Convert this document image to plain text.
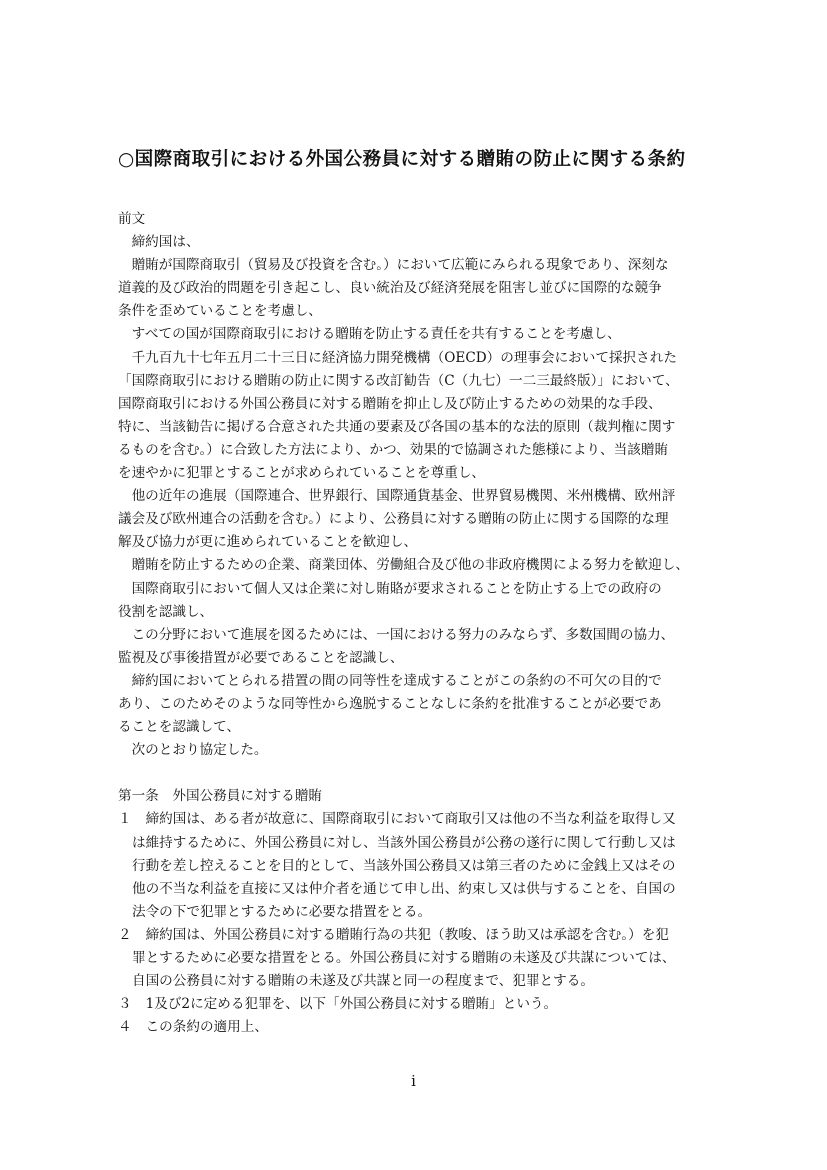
○国際商取引における外国公務員に対する贈賄の防止に関する条約
前文
締約国は、
贈賄が国際商取引（貿易及び投資を含む。）において広範にみられる現象であり、深刻な
道義的及び政治的問題を引き起こし、良い統治及び経済発展を阻害し並びに国際的な競争
条件を歪めていることを考慮し、
すべての国が国際商取引における贈賄を防止する責任を共有することを考慮し、
千九百九十七年五月二十三日に経済協力開発機構（OECD）の理事会において採択された
「国際商取引における贈賄の防止に関する改訂勧告（C（九七）一二三最終版）」において、
国際商取引における外国公務員に対する贈賄を抑止し及び防止するための効果的な手段、
特に、当該勧告に掲げる合意された共通の要素及び各国の基本的な法的原則（裁判権に関す
るものを含む。）に合致した方法により、かつ、効果的で協調された態様により、当該贈賄
を速やかに犯罪とすることが求められていることを尊重し、
他の近年の進展（国際連合、世界銀行、国際通貨基金、世界貿易機関、米州機構、欧州評
議会及び欧州連合の活動を含む。）により、公務員に対する贈賄の防止に関する国際的な理
解及び協力が更に進められていることを歓迎し、
贈賄を防止するための企業、商業団体、労働組合及び他の非政府機関による努力を歓迎し、
国際商取引において個人又は企業に対し賄賂が要求されることを防止する上での政府の
役割を認識し、
この分野において進展を図るためには、一国における努力のみならず、多数国間の協力、
監視及び事後措置が必要であることを認識し、
締約国においてとられる措置の間の同等性を達成することがこの条約の不可欠の目的で
あり、このためそのような同等性から逸脱することなしに条約を批准することが必要であ
ることを認識して、
次のとおり協定した。
第一条　外国公務員に対する贈賄
１	締約国は、ある者が故意に、国際商取引において商取引又は他の不当な利益を取得し又
は維持するために、外国公務員に対し、当該外国公務員が公務の遂行に関して行動し又は
行動を差し控えることを目的として、当該外国公務員又は第三者のために金銭上又はその
他の不当な利益を直接に又は仲介者を通じて申し出、約束し又は供与することを、自国の
法令の下で犯罪とするために必要な措置をとる。
２	締約国は、外国公務員に対する贈賄行為の共犯（教唆、ほう助又は承認を含む。）を犯
罪とするために必要な措置をとる。外国公務員に対する贈賄の未遂及び共謀については、
自国の公務員に対する贈賄の未遂及び共謀と同一の程度まで、犯罪とする。
３	1及び2に定める犯罪を、以下「外国公務員に対する贈賄」という。
４	この条約の適用上、
i
